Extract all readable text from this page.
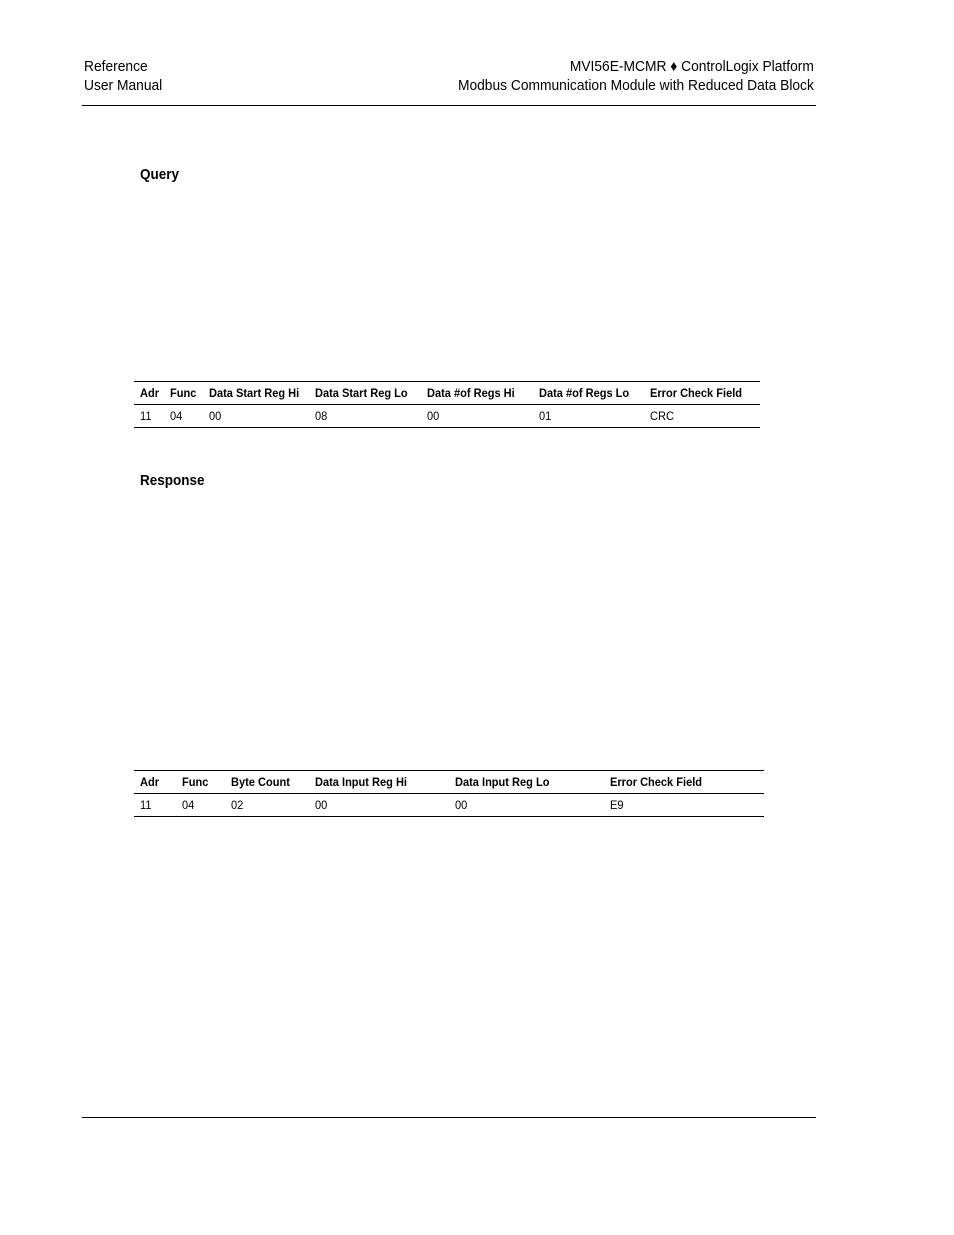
Reference
User Manual
MVI56E-MCMR ♦ ControlLogix Platform
Modbus Communication Module with Reduced Data Block
Query
Adr	Func	Data Start Reg Hi	Data Start Reg Lo	Data #of Regs Hi	Data #of Regs Lo	Error Check Field
11	04	00	08	00	01	CRC
Response
Adr	Func	Byte Count	Data Input Reg Hi	Data Input Reg Lo	Error Check Field
11	04	02	00	00	E9
